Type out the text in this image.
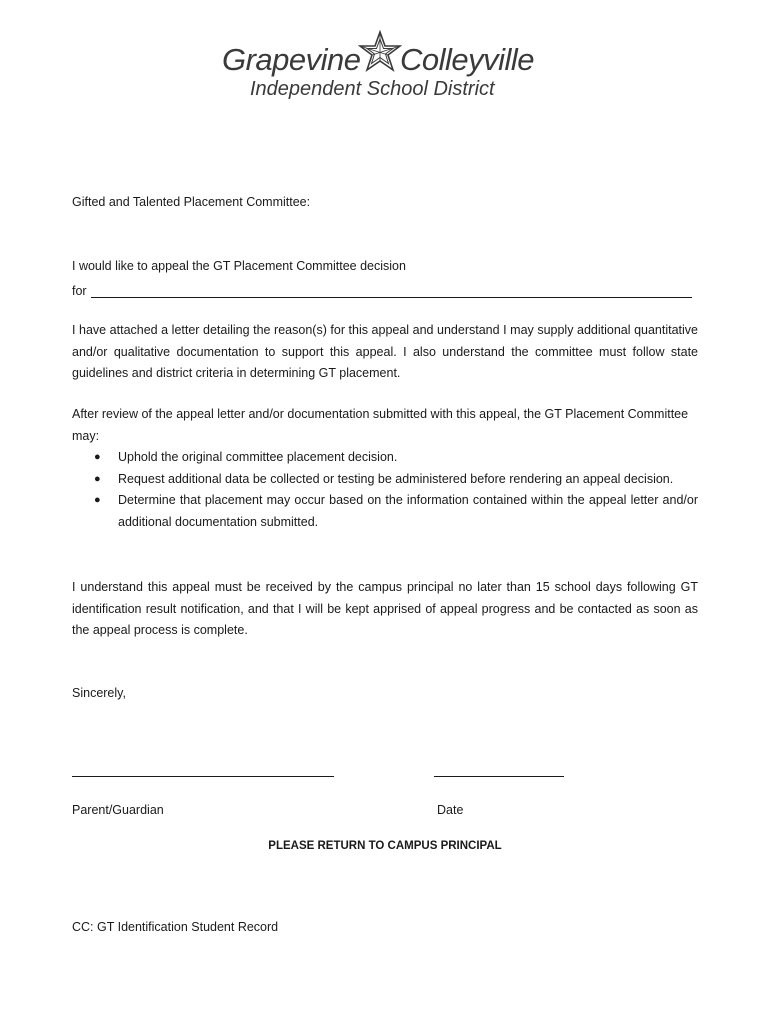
Grapevine Colleyville
Independent School District
Gifted and Talented Placement Committee:
I would like to appeal the GT Placement Committee decision
for
I have attached a letter detailing the reason(s) for this appeal and understand I may supply additional quantitative and/or qualitative documentation to support this appeal. I also understand the committee must follow state guidelines and district criteria in determining GT placement.
After review of the appeal letter and/or documentation submitted with this appeal, the GT Placement Committee may:
● Uphold the original committee placement decision.
● Request additional data be collected or testing be administered before rendering an appeal decision.
● Determine that placement may occur based on the information contained within the appeal letter and/or additional documentation submitted.
I understand this appeal must be received by the campus principal no later than 15 school days following GT identification result notification, and that I will be kept apprised of appeal progress and be contacted as soon as the appeal process is complete.
Sincerely,
Parent/Guardian	Date
PLEASE RETURN TO CAMPUS PRINCIPAL
CC: GT Identification Student Record
